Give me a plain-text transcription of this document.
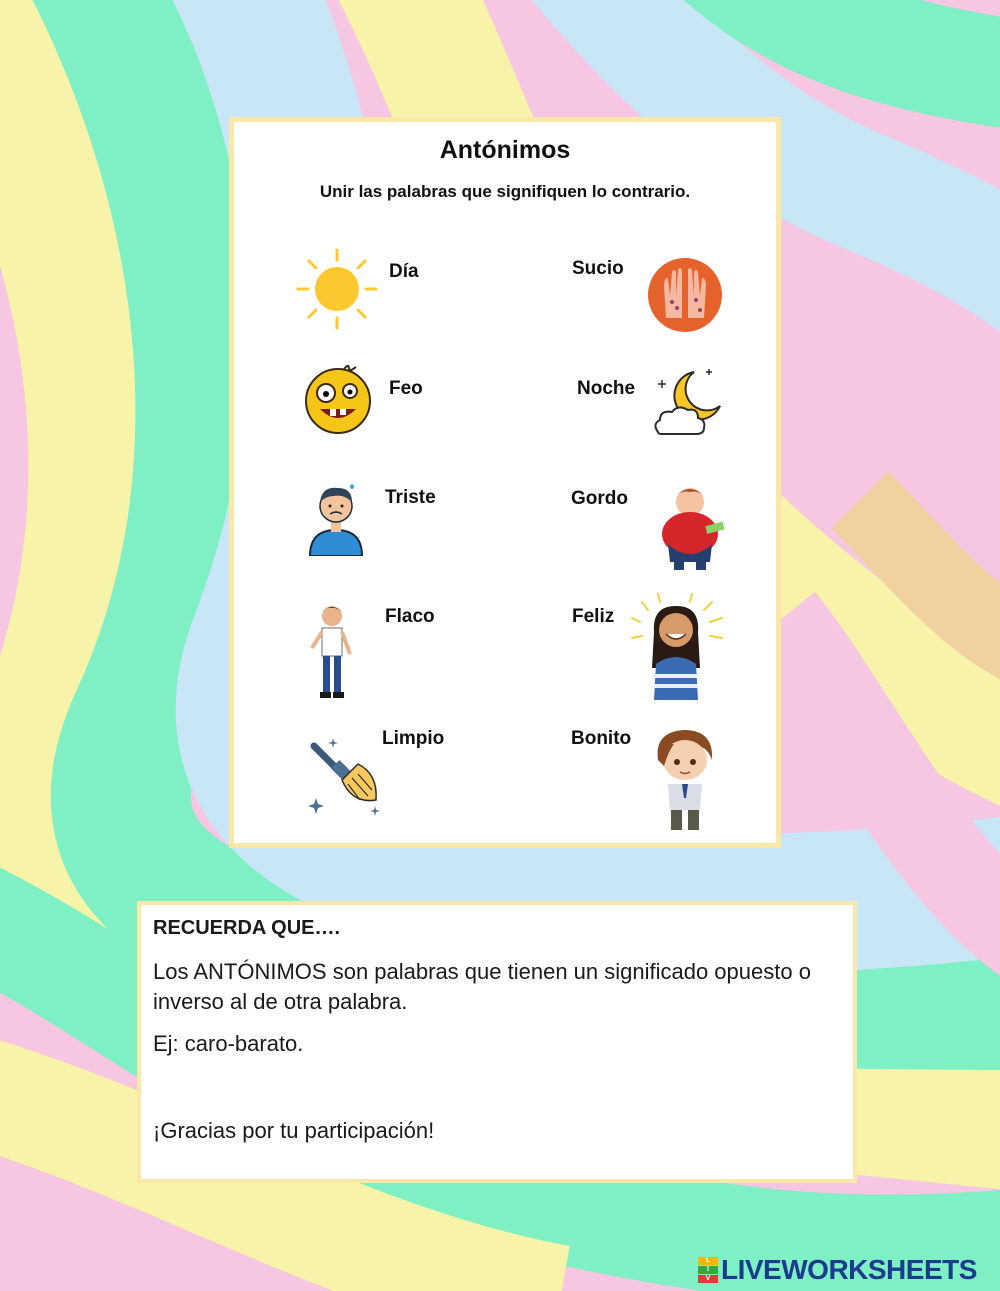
Antónimos
Unir las palabras que signifiquen lo contrario.
Día	Sucio
Feo	Noche
Triste	Gordo
Flaco	Feliz
Limpio	Bonito
RECUERDA QUE….
Los ANTÓNIMOS son palabras que tienen un significado opuesto o inverso al de otra palabra.
Ej: caro-barato.
¡Gracias por tu participación!
L
I
V LIVEWORKSHEETS
